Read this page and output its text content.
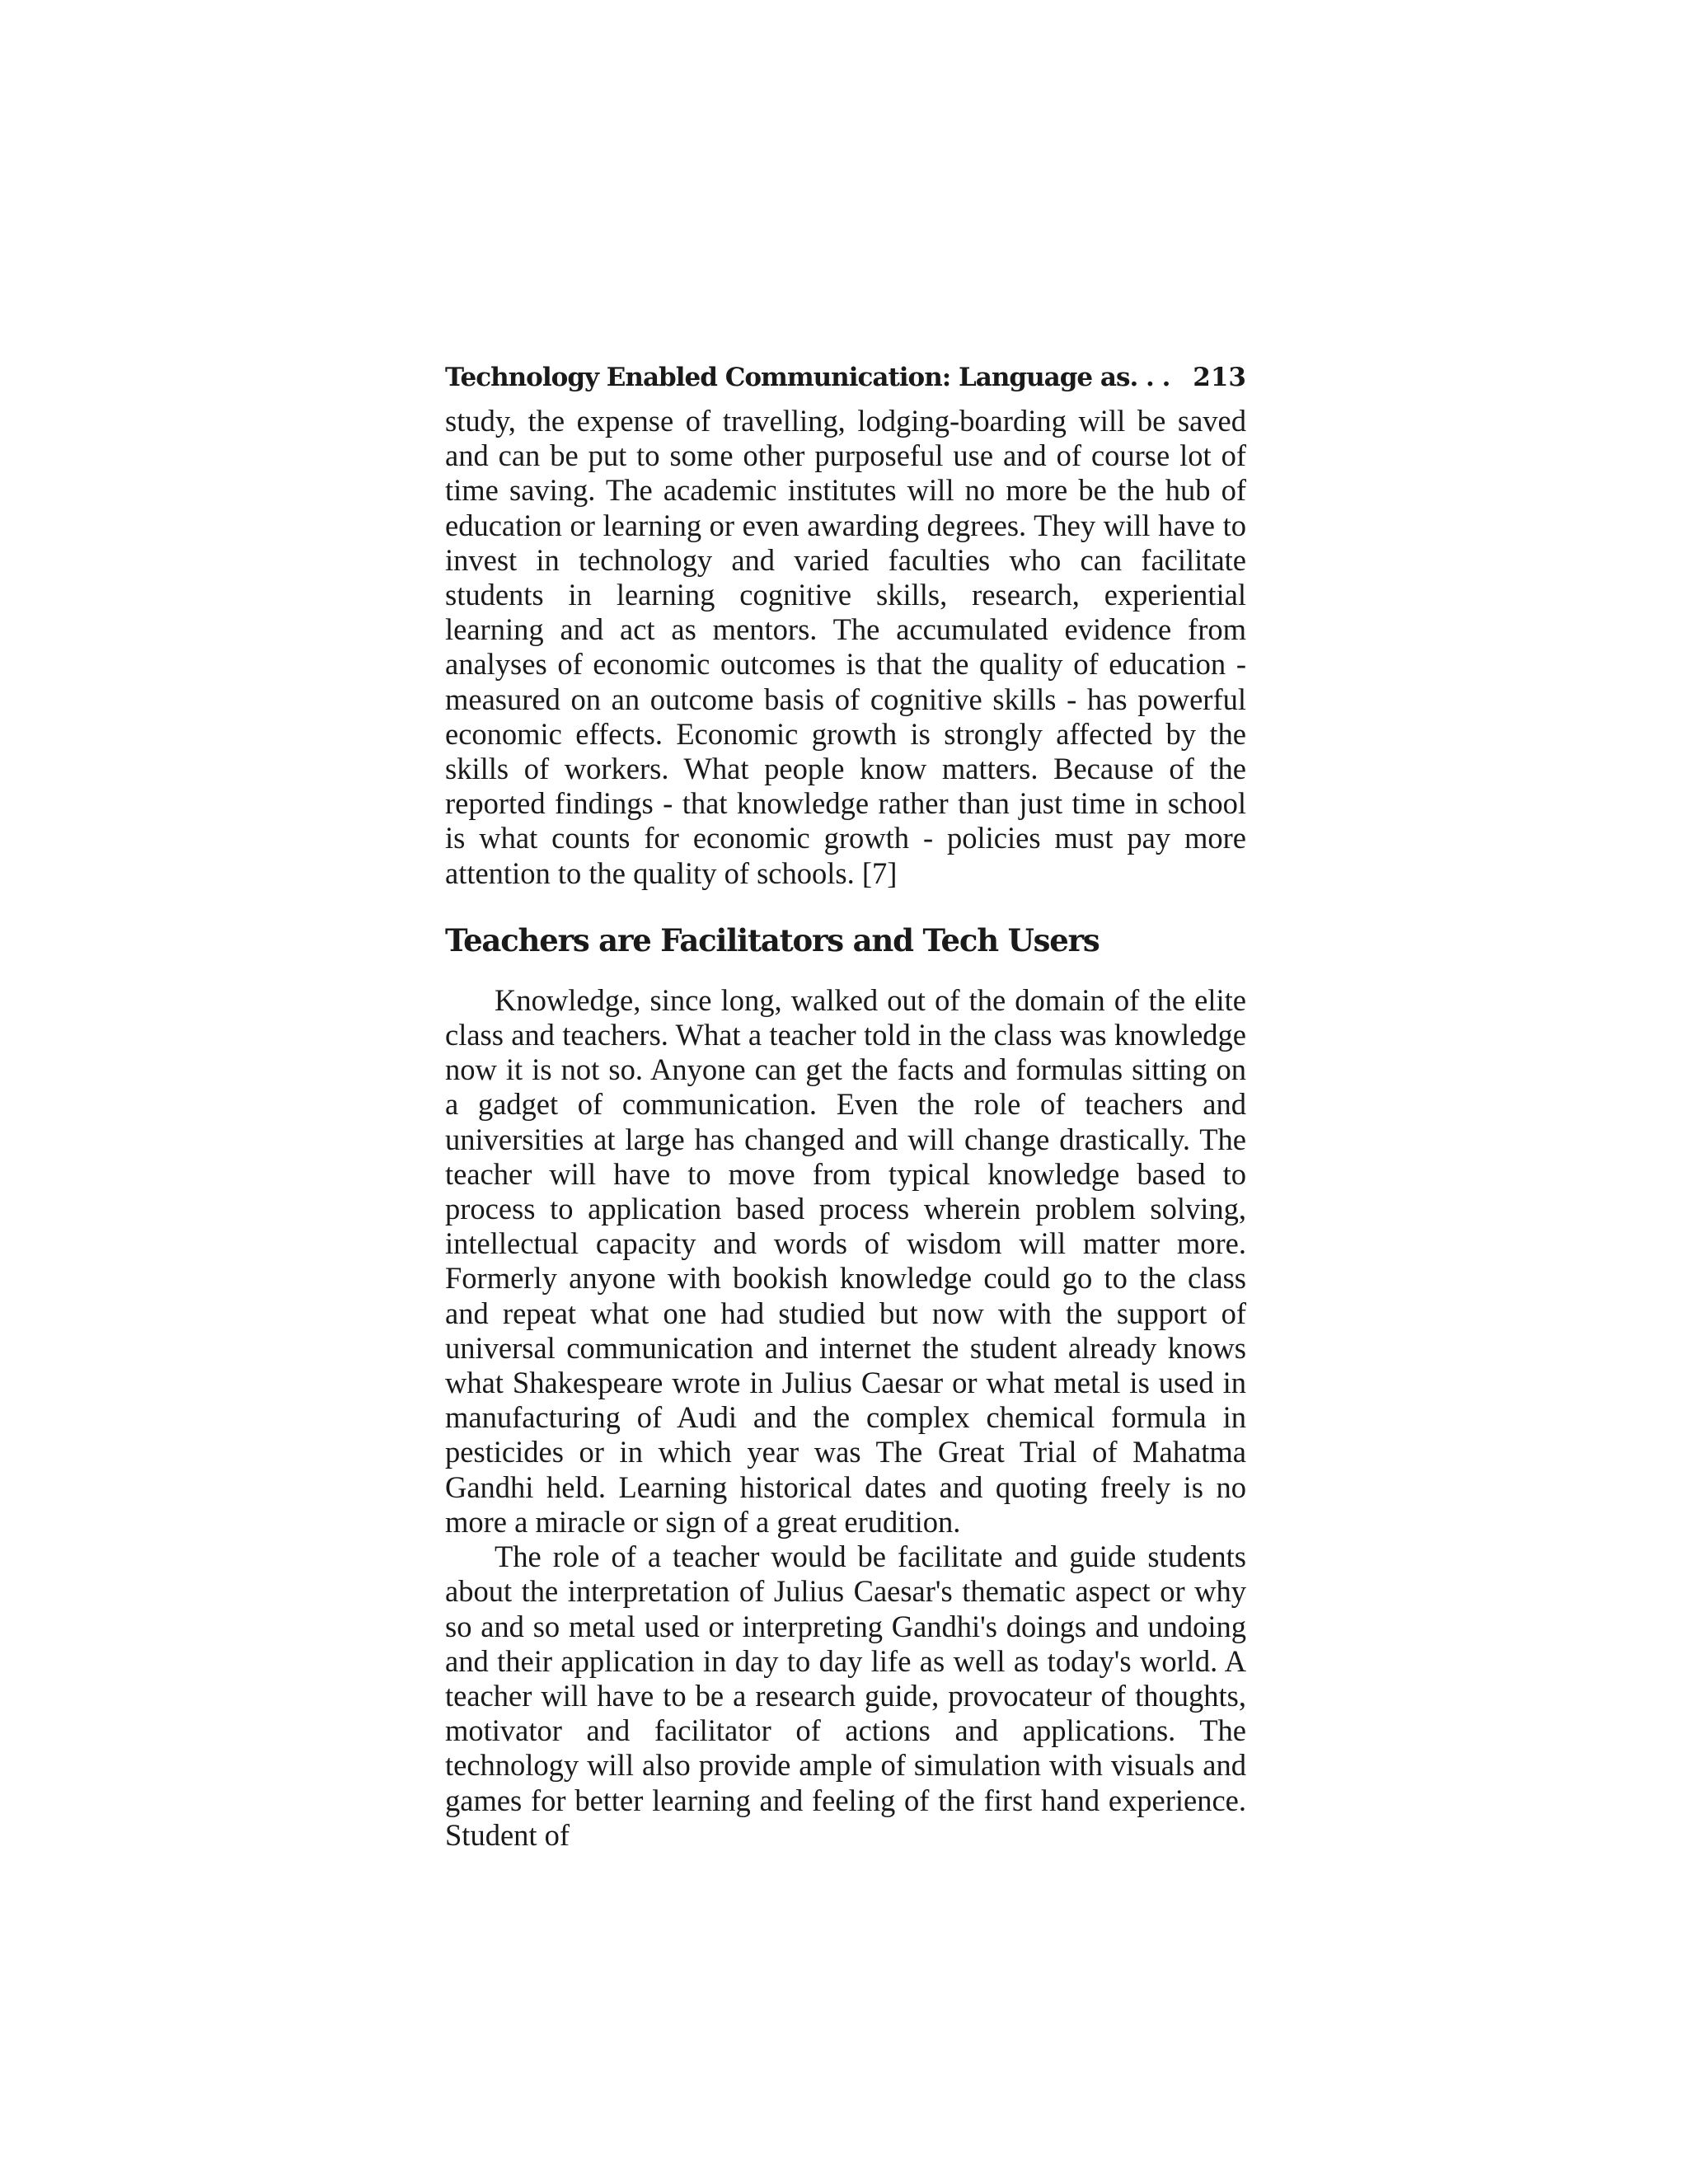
Technology Enabled Communication: Language as. . . 213

study, the expense of travelling, lodging-boarding will be saved and can be put to some other purposeful use and of course lot of time saving. The academic institutes will no more be the hub of education or learning or even awarding degrees. They will have to invest in technology and varied faculties who can facilitate students in learning cognitive skills, research, experiential learning and act as mentors. The accumulated evidence from analyses of economic outcomes is that the quality of education - measured on an outcome basis of cognitive skills - has powerful economic effects. Economic growth is strongly affected by the skills of workers. What people know matters. Because of the reported findings - that knowledge rather than just time in school is what counts for economic growth - policies must pay more attention to the quality of schools. [7]

Teachers are Facilitators and Tech Users

Knowledge, since long, walked out of the domain of the elite class and teachers. What a teacher told in the class was knowledge now it is not so. Anyone can get the facts and formulas sitting on a gadget of communication. Even the role of teachers and universities at large has changed and will change drastically. The teacher will have to move from typical knowledge based to process to application based process wherein problem solving, intellectual capacity and words of wisdom will matter more. Formerly anyone with bookish knowledge could go to the class and repeat what one had studied but now with the support of universal communication and internet the student already knows what Shakespeare wrote in Julius Caesar or what metal is used in manufacturing of Audi and the complex chemical formula in pesticides or in which year was The Great Trial of Mahatma Gandhi held. Learning historical dates and quoting freely is no more a miracle or sign of a great erudition.

The role of a teacher would be facilitate and guide students about the interpretation of Julius Caesar's thematic aspect or why so and so metal used or interpreting Gandhi's doings and undoing and their application in day to day life as well as today's world. A teacher will have to be a research guide, provocateur of thoughts, motivator and facilitator of actions and applications. The technology will also provide ample of simulation with visuals and games for better learning and feeling of the first hand experience. Student of
